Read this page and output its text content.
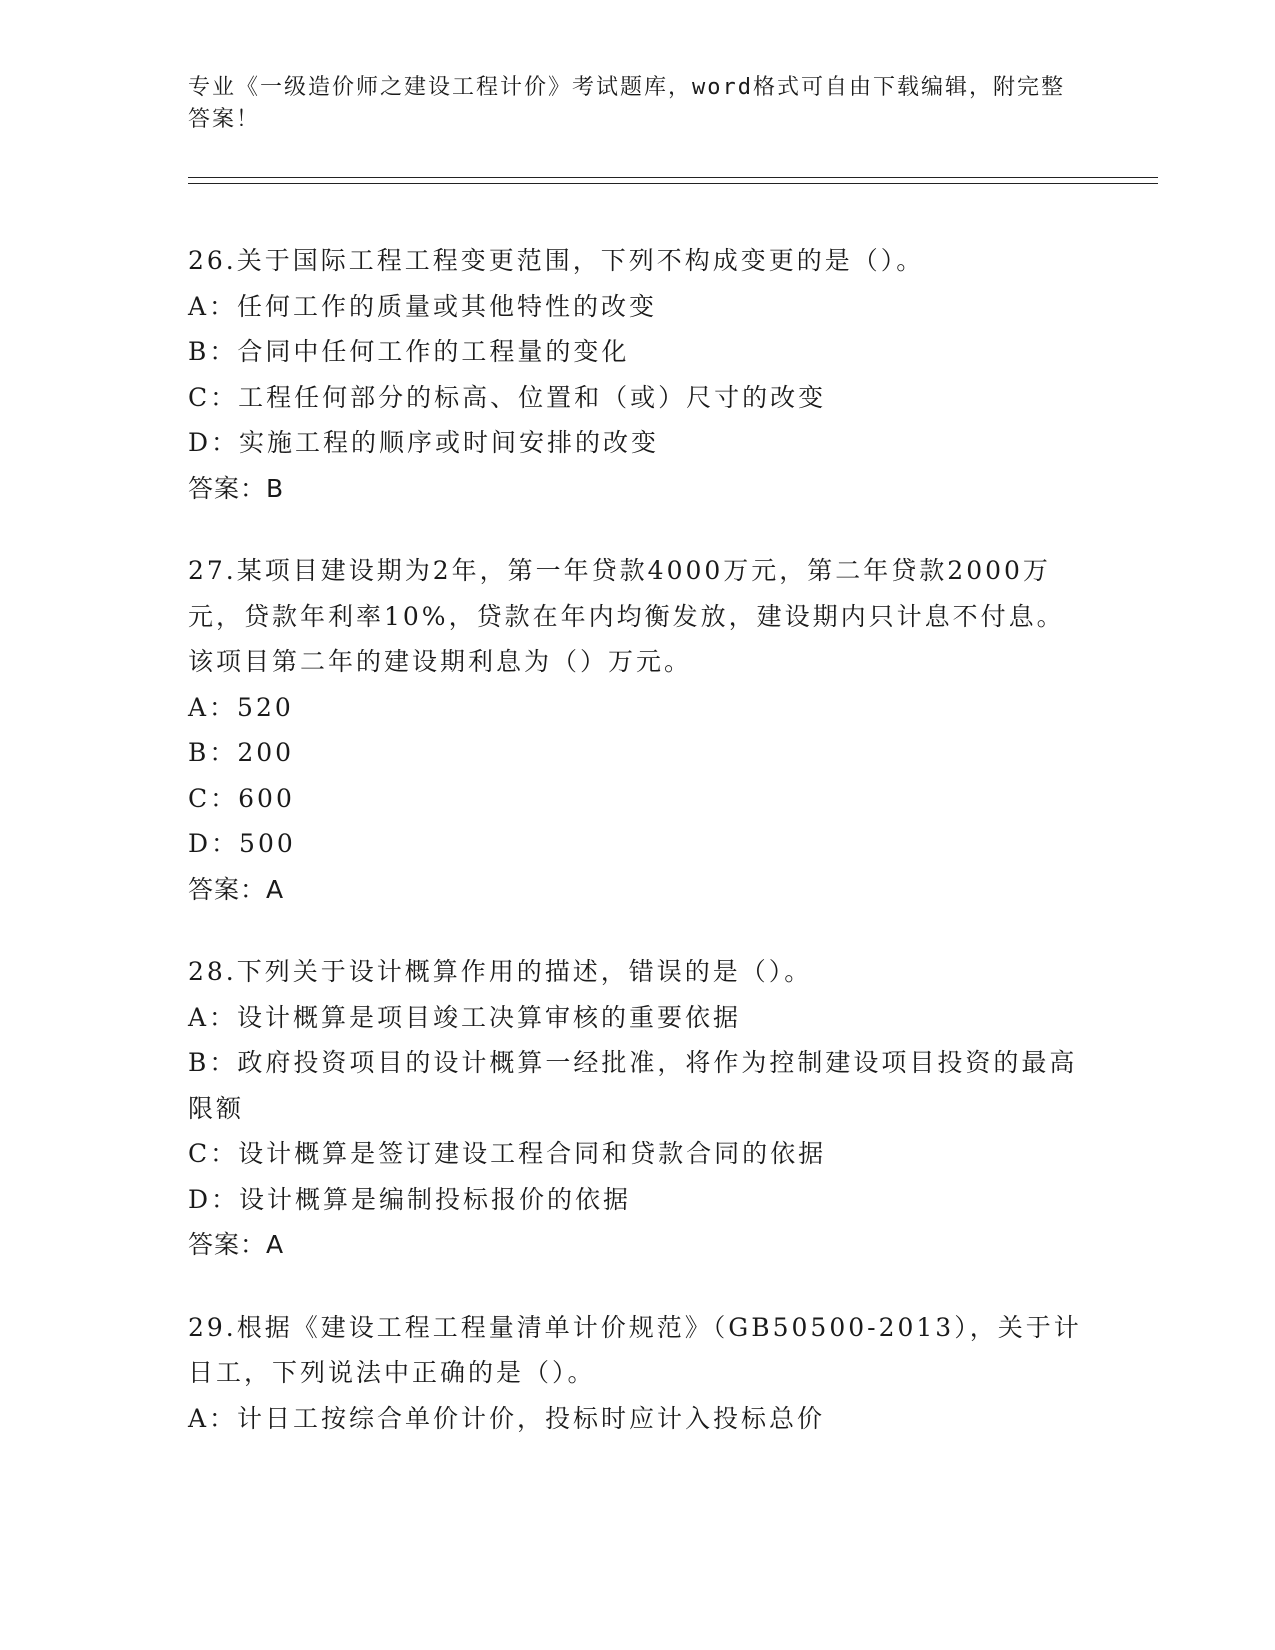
专业《一级造价师之建设工程计价》考试题库，word格式可自由下载编辑，附完整答案！
26.关于国际工程工程变更范围，下列不构成变更的是（）。
A：任何工作的质量或其他特性的改变
B：合同中任何工作的工程量的变化
C：工程任何部分的标高、位置和（或）尺寸的改变
D：实施工程的顺序或时间安排的改变
答案：B
27.某项目建设期为2年，第一年贷款4000万元，第二年贷款2000万元，贷款年利率10%，贷款在年内均衡发放，建设期内只计息不付息。该项目第二年的建设期利息为（）万元。
A：520
B：200
C：600
D：500
答案：A
28.下列关于设计概算作用的描述，错误的是（）。
A：设计概算是项目竣工决算审核的重要依据
B：政府投资项目的设计概算一经批准，将作为控制建设项目投资的最高限额
C：设计概算是签订建设工程合同和贷款合同的依据
D：设计概算是编制投标报价的依据
答案：A
29.根据《建设工程工程量清单计价规范》（GB50500-2013），关于计日工，下列说法中正确的是（）。
A：计日工按综合单价计价，投标时应计入投标总价
